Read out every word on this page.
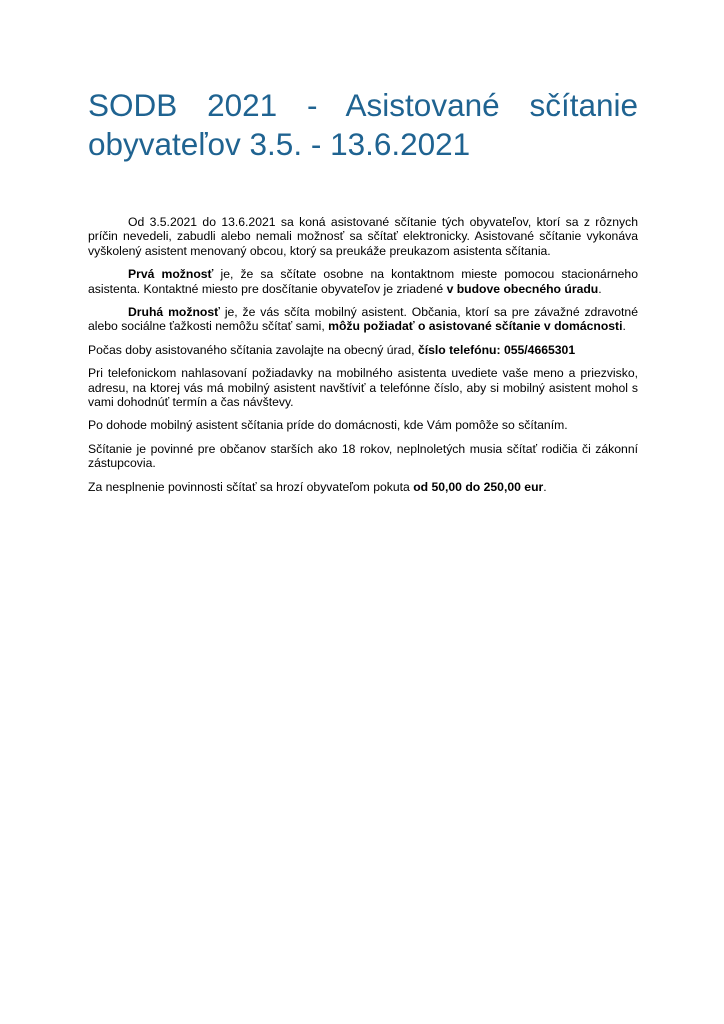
SODB 2021 - Asistované sčítanie obyvateľov 3.5. - 13.6.2021

Od 3.5.2021 do 13.6.2021 sa koná asistované sčítanie tých obyvateľov, ktorí sa z rôznych príčin nevedeli, zabudli alebo nemali možnosť sa sčítať elektronicky. Asistované sčítanie vykonáva vyškolený asistent menovaný obcou, ktorý sa preukáže preukazom asistenta sčítania.

Prvá možnosť je, že sa sčítate osobne na kontaktnom mieste pomocou stacionárneho asistenta. Kontaktné miesto pre dosčítanie obyvateľov je zriadené v budove obecného úradu.

Druhá možnosť je, že vás sčíta mobilný asistent. Občania, ktorí sa pre závažné zdravotné alebo sociálne ťažkosti nemôžu sčítať sami, môžu požiadať o asistované sčítanie v domácnosti.

Počas doby asistovaného sčítania zavolajte na obecný úrad, číslo telefónu: 055/4665301

Pri telefonickom nahlasovaní požiadavky na mobilného asistenta uvediete vaše meno a priezvisko, adresu, na ktorej vás má mobilný asistent navštíviť a telefónne číslo, aby si mobilný asistent mohol s vami dohodnúť termín a čas návštevy.

Po dohode mobilný asistent sčítania príde do domácnosti, kde Vám pomôže so sčítaním.

Sčítanie je povinné pre občanov starších ako 18 rokov, neplnoletých musia sčítať rodičia či zákonní zástupcovia.

Za nesplnenie povinnosti sčítať sa hrozí obyvateľom pokuta od 50,00 do 250,00 eur.
